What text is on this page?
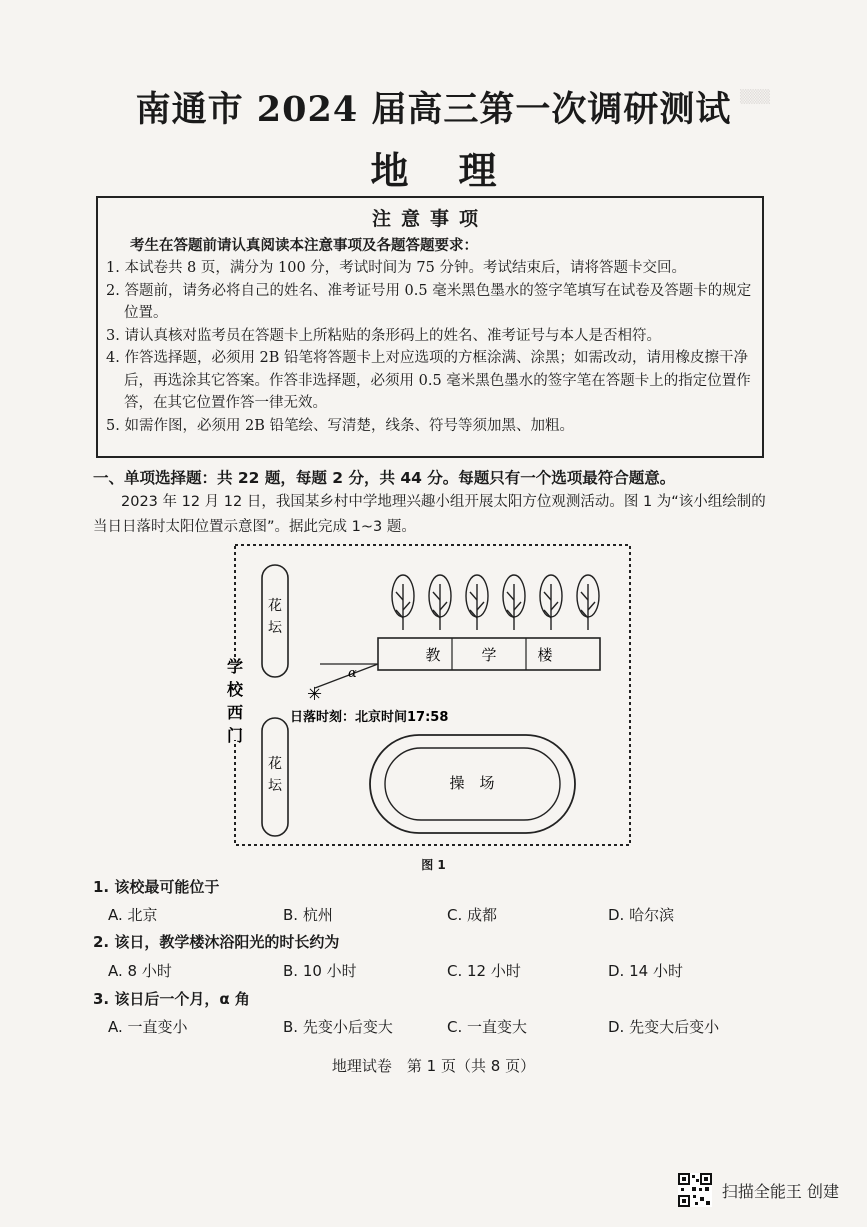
▒▒▒
南通市 2024 届高三第一次调研测试
地理
注意事项
考生在答题前请认真阅读本注意事项及各题答题要求：
1. 本试卷共 8 页，满分为 100 分，考试时间为 75 分钟。考试结束后，请将答题卡交回。
2. 答题前，请务必将自己的姓名、准考证号用 0.5 毫米黑色墨水的签字笔填写在试卷及答题卡的规定位置。
3. 请认真核对监考员在答题卡上所粘贴的条形码上的姓名、准考证号与本人是否相符。
4. 作答选择题，必须用 2B 铅笔将答题卡上对应选项的方框涂满、涂黑；如需改动，请用橡皮擦干净后，再选涂其它答案。作答非选择题，必须用 0.5 毫米黑色墨水的签字笔在答题卡上的指定位置作答，在其它位置作答一律无效。
5. 如需作图，必须用 2B 铅笔绘、写清楚，线条、符号等须加黑、加粗。
一、单项选择题：共 22 题，每题 2 分，共 44 分。每题只有一个选项最符合题意。
2023 年 12 月 12 日，我国某乡村中学地理兴趣小组开展太阳方位观测活动。图 1 为“该小组绘制的当日日落时太阳位置示意图”。据此完成 1~3 题。
花
坛
花
坛
学
校
西
门
教	学	楼
α
✳
日落时刻：北京时间17:58
操　场
图 1
1. 该校最可能位于
A. 北京	B. 杭州	C. 成都	D. 哈尔滨
2. 该日，教学楼沐浴阳光的时长约为
A. 8 小时	B. 10 小时	C. 12 小时	D. 14 小时
3. 该日后一个月，α 角
A. 一直变小	B. 先变小后变大	C. 一直变大	D. 先变大后变小
地理试卷　第 1 页（共 8 页）
扫描全能王 创建
